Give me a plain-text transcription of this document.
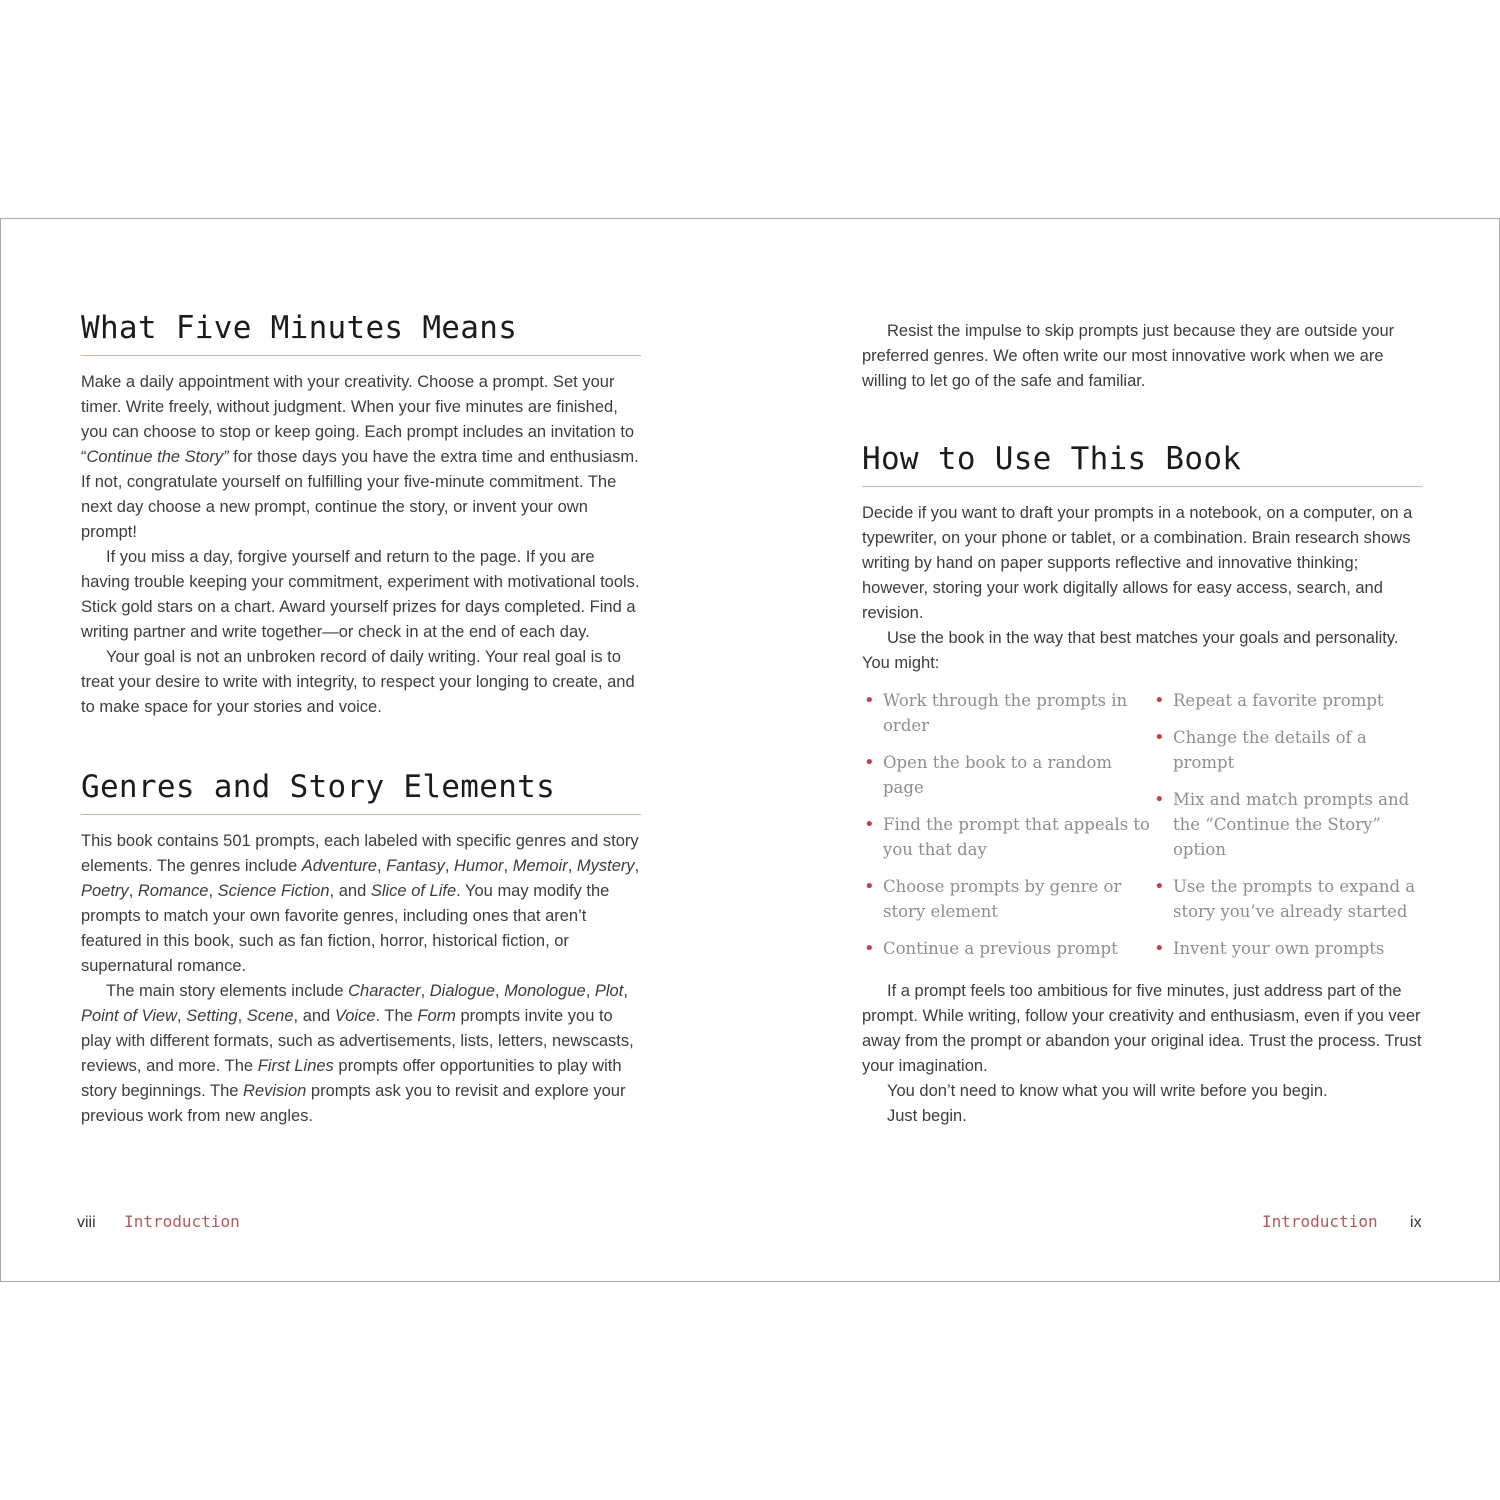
What Five Minutes Means

Make a daily appointment with your creativity. Choose a prompt. Set your timer. Write freely, without judgment. When your five minutes are finished, you can choose to stop or keep going. Each prompt includes an invitation to “Continue the Story” for those days you have the extra time and enthusiasm. If not, congratulate yourself on fulfilling your five-minute commitment. The next day choose a new prompt, continue the story, or invent your own prompt!

If you miss a day, forgive yourself and return to the page. If you are having trouble keeping your commitment, experiment with motivational tools. Stick gold stars on a chart. Award yourself prizes for days completed. Find a writing partner and write together—or check in at the end of each day.

Your goal is not an unbroken record of daily writing. Your real goal is to treat your desire to write with integrity, to respect your longing to create, and to make space for your stories and voice.

Genres and Story Elements

This book contains 501 prompts, each labeled with specific genres and story elements. The genres include Adventure, Fantasy, Humor, Memoir, Mystery, Poetry, Romance, Science Fiction, and Slice of Life. You may modify the prompts to match your own favorite genres, including ones that aren’t featured in this book, such as fan fiction, horror, historical fiction, or supernatural romance.

The main story elements include Character, Dialogue, Monologue, Plot, Point of View, Setting, Scene, and Voice. The Form prompts invite you to play with different formats, such as advertisements, lists, letters, newscasts, reviews, and more. The First Lines prompts offer opportunities to play with story beginnings. The Revision prompts ask you to revisit and explore your previous work from new angles.

Resist the impulse to skip prompts just because they are outside your preferred genres. We often write our most innovative work when we are willing to let go of the safe and familiar.

How to Use This Book

Decide if you want to draft your prompts in a notebook, on a computer, on a typewriter, on your phone or tablet, or a combination. Brain research shows writing by hand on paper supports reflective and innovative thinking; however, storing your work digitally allows for easy access, search, and revision.

Use the book in the way that best matches your goals and personality. You might:

• Work through the prompts in order
• Open the book to a random page
• Find the prompt that appeals to you that day
• Choose prompts by genre or story element
• Continue a previous prompt
• Repeat a favorite prompt
• Change the details of a prompt
• Mix and match prompts and the “Continue the Story” option
• Use the prompts to expand a story you’ve already started
• Invent your own prompts

If a prompt feels too ambitious for five minutes, just address part of the prompt. While writing, follow your creativity and enthusiasm, even if you veer away from the prompt or abandon your original idea. Trust the process. Trust your imagination.

You don’t need to know what you will write before you begin.

Just begin.

viii Introduction	Introduction ix
